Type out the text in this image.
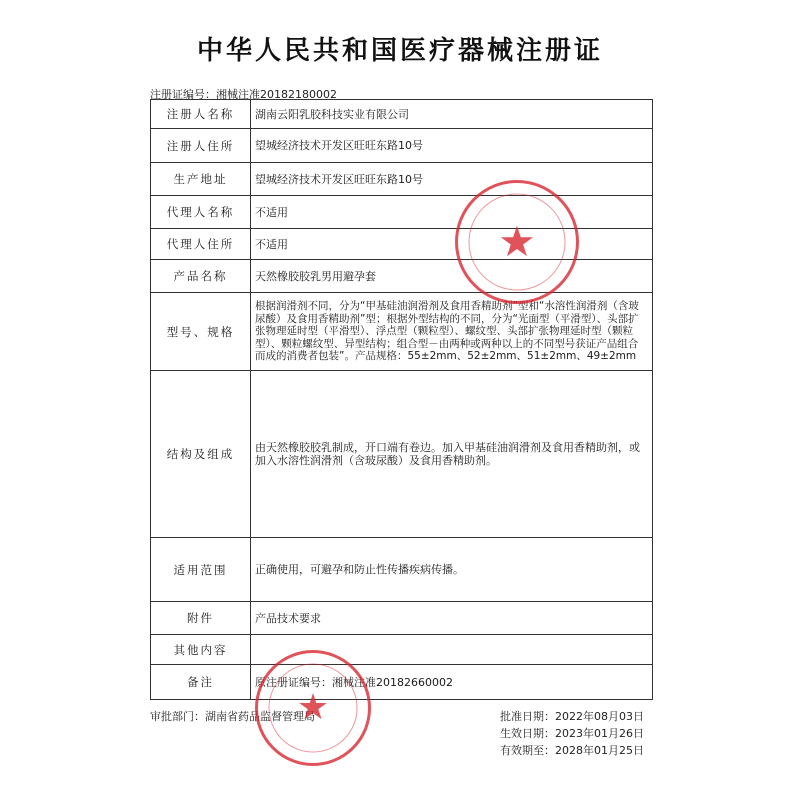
中华人民共和国医疗器械注册证
注册证编号：湘械注准20182180002
注册人名称	湖南云阳乳胶科技实业有限公司
注册人住所	望城经济技术开发区旺旺东路10号
生产地址	望城经济技术开发区旺旺东路10号
代理人名称	不适用
代理人住所	不适用
产品名称	天然橡胶胶乳男用避孕套
型号、规格	根据润滑剂不同，分为“甲基硅油润滑剂及食用香精助剂”型和“水溶性润滑剂（含玻尿酸）及食用香精助剂”型；根据外型结构的不同，分为“光面型（平滑型）、头部扩张物理延时型（平滑型）、浮点型（颗粒型）、螺纹型、头部扩张物理延时型（颗粒型）、颗粒螺纹型、异型结构；组合型－由两种或两种以上的不同型号获证产品组合而成的消费者包装”。产品规格：55±2mm、52±2mm、51±2mm、49±2mm
结构及组成	由天然橡胶胶乳制成，开口端有卷边。加入甲基硅油润滑剂及食用香精助剂，或加入水溶性润滑剂（含玻尿酸）及食用香精助剂。
适用范围	正确使用，可避孕和防止性传播疾病传播。
附件	产品技术要求
其他内容	
备注	原注册证编号：湘械注准20182660002
审批部门：湖南省药品监督管理局	批准日期：2022年08月03日
生效日期：2023年01月26日
有效期至：2028年01月25日
★
★
